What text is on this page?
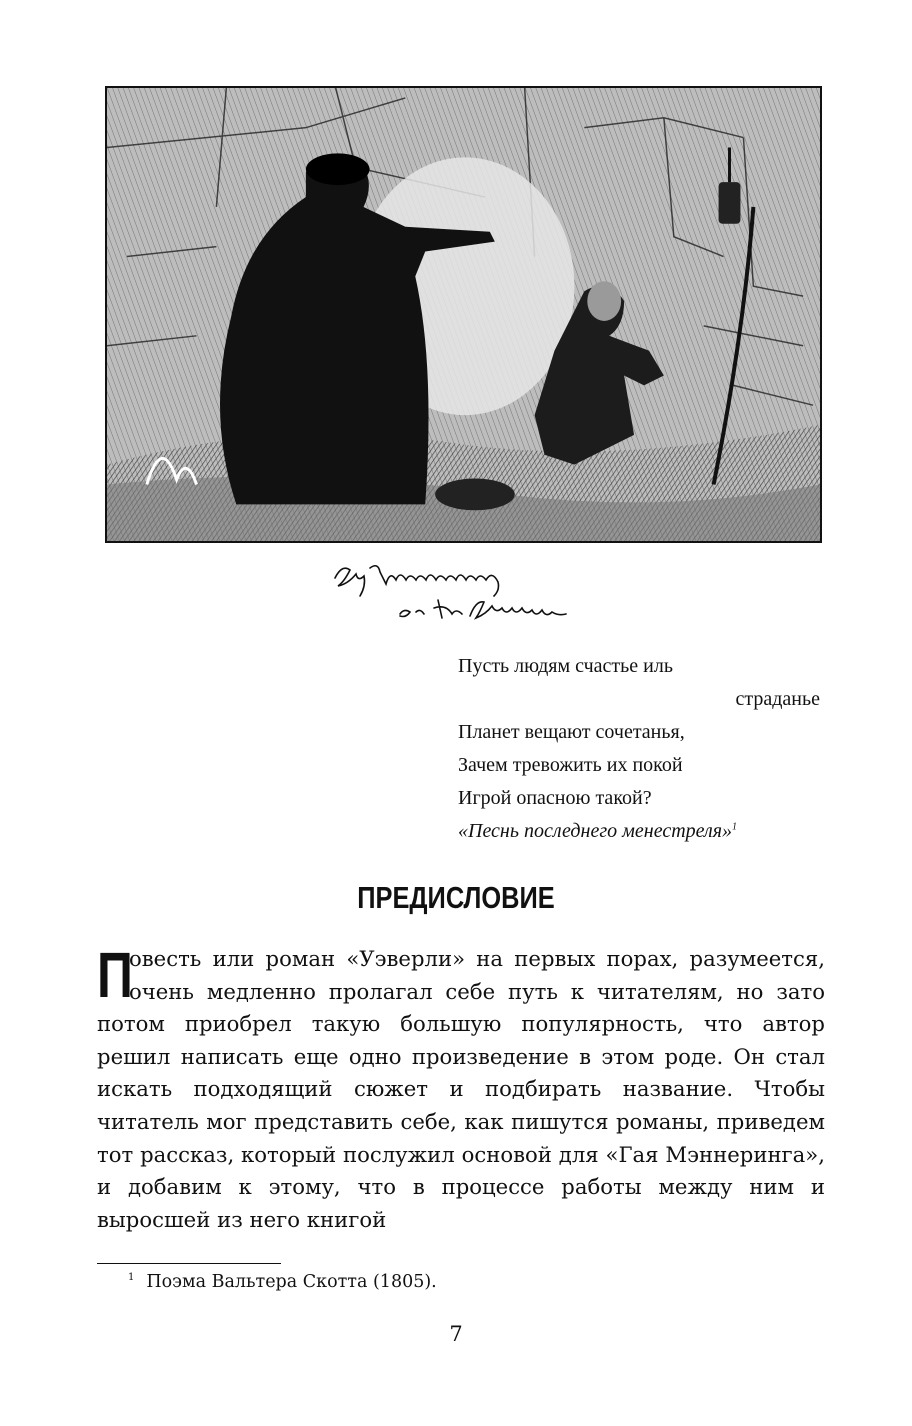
Пусть людям счастье иль
страданье
Планет вещают сочетанья,
Зачем тревожить их покой
Игрой опасною такой?
«Песнь последнего менестреля»$^1$
ПРЕДИСЛОВИЕ
П
овесть или роман «Уэверли» на первых порах, разумеется, очень медленно пролагал себе путь к читателям, но зато потом приобрел такую большую популярность, что автор решил написать еще одно произведение в этом роде. Он стал искать подходящий сюжет и подбирать название. Чтобы читатель мог представить себе, как пишутся романы, приведем тот рассказ, который послужил основой для «Гая Мэннеринга», и добавим к этому, что в процессе работы между ним и выросшей из него книгой
$^1$ Поэма Вальтера Скотта (1805).
7
